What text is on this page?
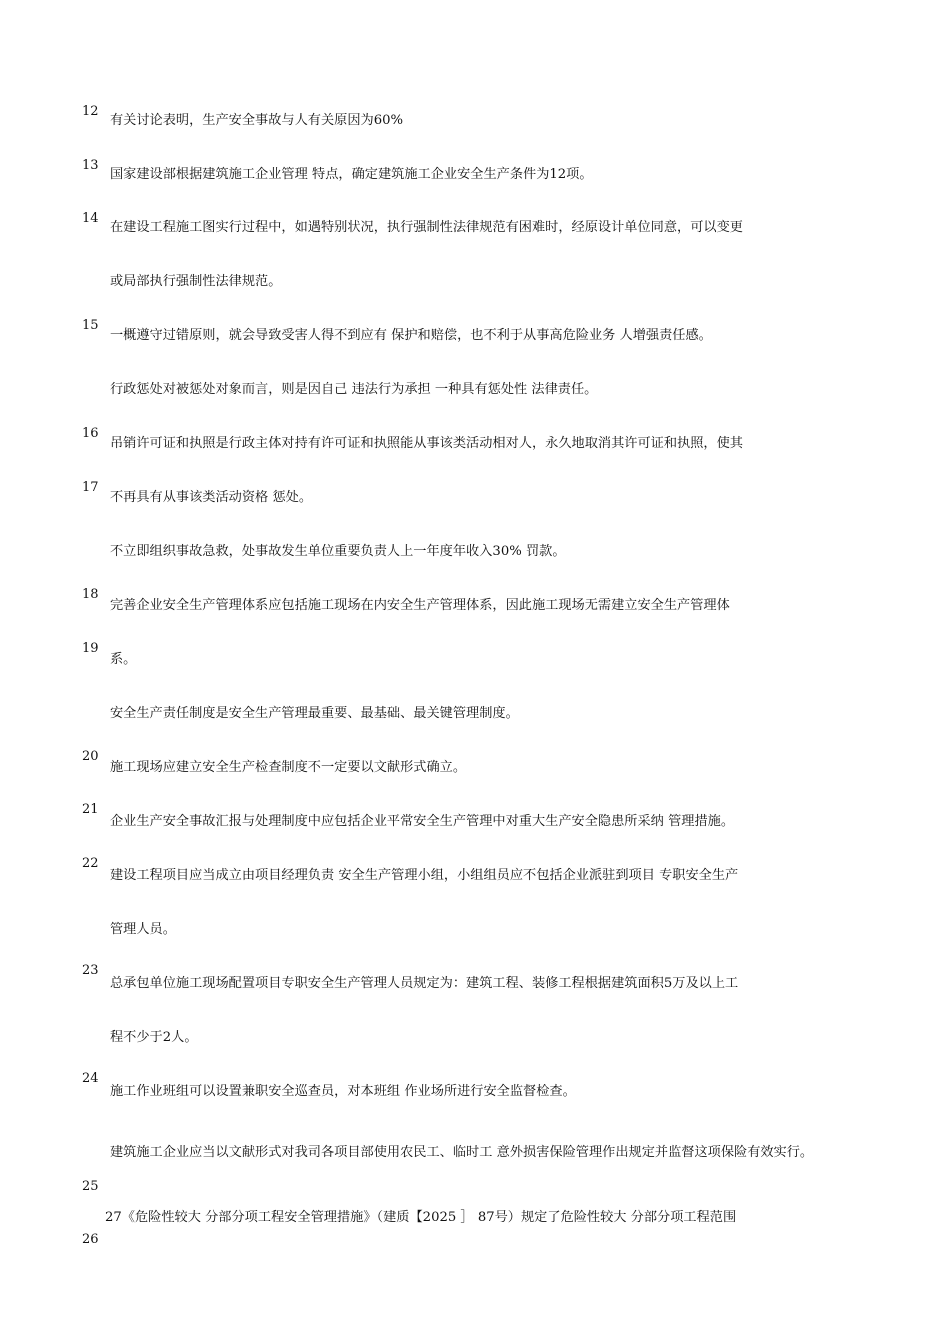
12
13
14
15
16
17
18
19
20
21
22
23
24
25
26
有关讨论表明，生产安全事故与人有关原因为60%
国家建设部根据建筑施工企业管理 特点，确定建筑施工企业安全生产条件为12项。
在建设工程施工图实行过程中，如遇特别状况，执行强制性法律规范有困难时，经原设计单位同意，可以变更
或局部执行强制性法律规范。
一概遵守过错原则，就会导致受害人得不到应有 保护和赔偿，也不利于从事高危险业务 人增强责任感。
行政惩处对被惩处对象而言，则是因自己 违法行为承担 一种具有惩处性 法律责任。
吊销许可证和执照是行政主体对持有许可证和执照能从事该类活动相对人，永久地取消其许可证和执照，使其
不再具有从事该类活动资格 惩处。
不立即组织事故急救，处事故发生单位重要负责人上一年度年收入30% 罚款。
完善企业安全生产管理体系应包括施工现场在内安全生产管理体系，因此施工现场无需建立安全生产管理体
系。
安全生产责任制度是安全生产管理最重要、最基础、最关键管理制度。
施工现场应建立安全生产检查制度不一定要以文献形式确立。
企业生产安全事故汇报与处理制度中应包括企业平常安全生产管理中对重大生产安全隐患所采纳 管理措施。
建设工程项目应当成立由项目经理负责 安全生产管理小组，小组组员应不包括企业派驻到项目 专职安全生产
管理人员。
总承包单位施工现场配置项目专职安全生产管理人员规定为：建筑工程、装修工程根据建筑面积5万及以上工
程不少于2人。
施工作业班组可以设置兼职安全巡查员，对本班组 作业场所进行安全监督检查。
建筑施工企业应当以文献形式对我司各项目部使用农民工、临时工 意外损害保险管理作出规定并监督这项保险有效实行。
27《危险性较大 分部分项工程安全管理措施》（建质【2025 ］ 87号）规定了危险性较大 分部分项工程范围
